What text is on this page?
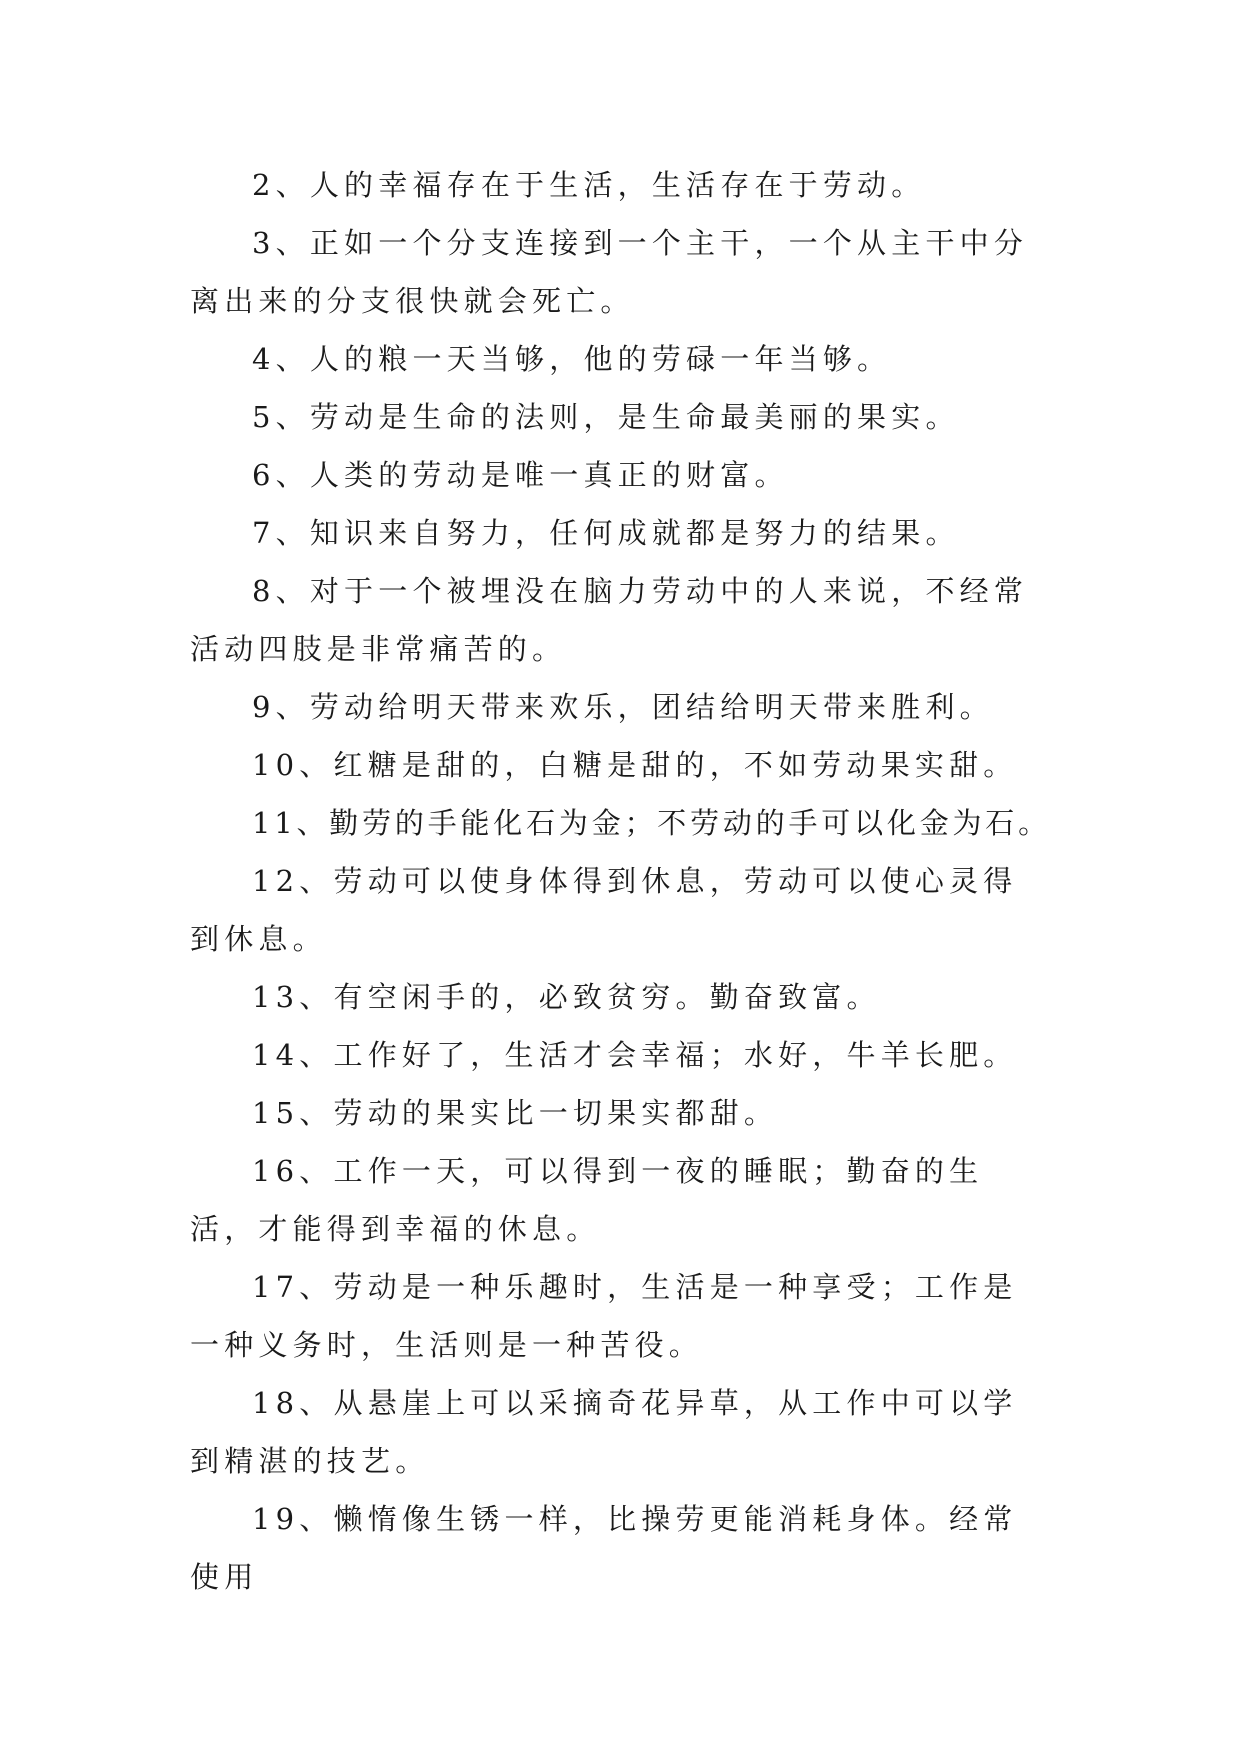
2、人的幸福存在于生活，生活存在于劳动。

3、正如一个分支连接到一个主干，一个从主干中分离出来的分支很快就会死亡。

4、人的粮一天当够，他的劳碌一年当够。

5、劳动是生命的法则，是生命最美丽的果实。

6、人类的劳动是唯一真正的财富。

7、知识来自努力，任何成就都是努力的结果。

8、对于一个被埋没在脑力劳动中的人来说，不经常活动四肢是非常痛苦的。

9、劳动给明天带来欢乐，团结给明天带来胜利。

10、红糖是甜的，白糖是甜的，不如劳动果实甜。

11、勤劳的手能化石为金；不劳动的手可以化金为石。

12、劳动可以使身体得到休息，劳动可以使心灵得到休息。

13、有空闲手的，必致贫穷。勤奋致富。

14、工作好了，生活才会幸福；水好，牛羊长肥。

15、劳动的果实比一切果实都甜。

16、工作一天，可以得到一夜的睡眠；勤奋的生活，才能得到幸福的休息。

17、劳动是一种乐趣时，生活是一种享受；工作是一种义务时，生活则是一种苦役。

18、从悬崖上可以采摘奇花异草，从工作中可以学到精湛的技艺。

19、懒惰像生锈一样，比操劳更能消耗身体。经常使用
